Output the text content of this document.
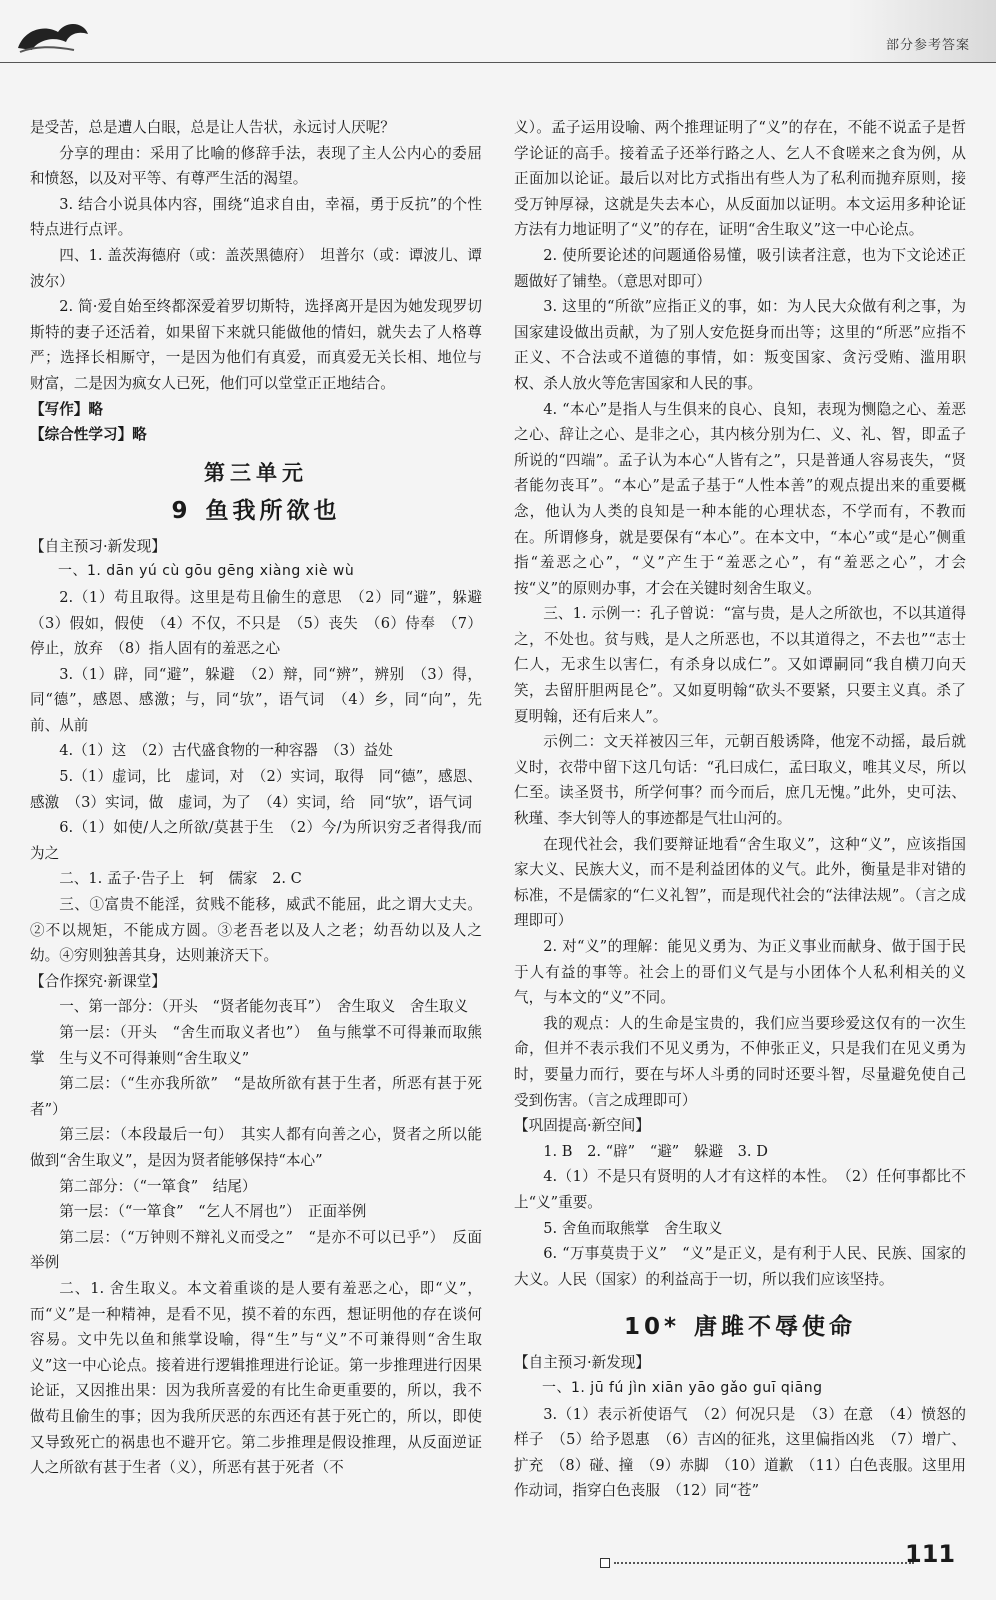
部分参考答案

是受苦，总是遭人白眼，总是让人告状，永远讨人厌呢？

分享的理由：采用了比喻的修辞手法，表现了主人公内心的委屈和愤怒，以及对平等、有尊严生活的渴望。

3. 结合小说具体内容，围绕“追求自由，幸福，勇于反抗”的个性特点进行点评。

四、1. 盖茨海德府（或：盖茨黑德府）　坦普尔（或：谭波儿、谭波尔）

2. 简·爱自始至终都深爱着罗切斯特，选择离开是因为她发现罗切斯特的妻子还活着，如果留下来就只能做他的情妇，就失去了人格尊严；选择长相厮守，一是因为他们有真爱，而真爱无关长相、地位与财富，二是因为疯女人已死，他们可以堂堂正正地结合。

【写作】略

【综合性学习】略

第三单元
9 鱼我所欲也

【自主预习·新发现】

一、1. dān yú cù gōu gēng xiàng xiè wù

2.（1）苟且取得。这里是苟且偷生的意思　（2）同“避”，躲避　（3）假如，假使　（4）不仅，不只是　（5）丧失　（6）侍奉　（7）停止，放弃　（8）指人固有的羞恶之心

3.（1）辟，同“避”，躲避　（2）辩，同“辨”，辨别　（3）得，同“德”，感恩、感激；与，同“欤”，语气词　（4）乡，同“向”，先前、从前

4.（1）这　（2）古代盛食物的一种容器　（3）益处

5.（1）虚词，比　虚词，对　（2）实词，取得　同“德”，感恩、感激　（3）实词，做　虚词，为了　（4）实词，给　同“欤”，语气词

6.（1）如使/人之所欲/莫甚于生　（2）今/为所识穷乏者得我/而为之

二、1. 孟子·告子上　轲　儒家　2. C

三、①富贵不能淫，贫贱不能移，威武不能屈，此之谓大丈夫。②不以规矩，不能成方圆。③老吾老以及人之老；幼吾幼以及人之幼。④穷则独善其身，达则兼济天下。

【合作探究·新课堂】

一、第一部分：（开头　“贤者能勿丧耳”）　舍生取义　舍生取义

第一层：（开头　“舍生而取义者也”）　鱼与熊掌不可得兼而取熊掌　生与义不可得兼则“舍生取义”

第二层：（“生亦我所欲”　“是故所欲有甚于生者，所恶有甚于死者”）

第三层：（本段最后一句）　其实人都有向善之心，贤者之所以能做到“舍生取义”，是因为贤者能够保持“本心”

第二部分：（“一箪食”　结尾）

第一层：（“一箪食”　“乞人不屑也”）　正面举例

第二层：（“万钟则不辩礼义而受之”　“是亦不可以已乎”）　反面举例

二、1. 舍生取义。本文着重谈的是人要有羞恶之心，即“义”，而“义”是一种精神，是看不见，摸不着的东西，想证明他的存在谈何容易。文中先以鱼和熊掌设喻，得“生”与“义”不可兼得则“舍生取义”这一中心论点。接着进行逻辑推理进行论证。第一步推理进行因果论证，又因推出果：因为我所喜爱的有比生命更重要的，所以，我不做苟且偷生的事；因为我所厌恶的东西还有甚于死亡的，所以，即使又导致死亡的祸患也不避开它。第二步推理是假设推理，从反面逆证人之所欲有甚于生者（义），所恶有甚于死者（不

义）。孟子运用设喻、两个推理证明了“义”的存在，不能不说孟子是哲学论证的高手。接着孟子还举行路之人、乞人不食嗟来之食为例，从正面加以论证。最后以对比方式指出有些人为了私利而抛弃原则，接受万钟厚禄，这就是失去本心，从反面加以证明。本文运用多种论证方法有力地证明了“义”的存在，证明“舍生取义”这一中心论点。

2. 使所要论述的问题通俗易懂，吸引读者注意，也为下文论述正题做好了铺垫。（意思对即可）

3. 这里的“所欲”应指正义的事，如：为人民大众做有利之事，为国家建设做出贡献，为了别人安危挺身而出等；这里的“所恶”应指不正义、不合法或不道德的事情，如：叛变国家、贪污受贿、滥用职权、杀人放火等危害国家和人民的事。

4. “本心”是指人与生俱来的良心、良知，表现为恻隐之心、羞恶之心、辞让之心、是非之心，其内核分别为仁、义、礼、智，即孟子所说的“四端”。孟子认为本心“人皆有之”，只是普通人容易丧失，“贤者能勿丧耳”。“本心”是孟子基于“人性本善”的观点提出来的重要概念，他认为人类的良知是一种本能的心理状态，不学而有，不教而在。所谓修身，就是要保有“本心”。在本文中，“本心”或“是心”侧重指“羞恶之心”，“义”产生于“羞恶之心”，有“羞恶之心”，才会按“义”的原则办事，才会在关键时刻舍生取义。

三、1. 示例一：孔子曾说：“富与贵，是人之所欲也，不以其道得之，不处也。贫与贱，是人之所恶也，不以其道得之，不去也”“志士仁人，无求生以害仁，有杀身以成仁”。又如谭嗣同“我自横刀向天笑，去留肝胆两昆仑”。又如夏明翰“砍头不要紧，只要主义真。杀了夏明翰，还有后来人”。

示例二：文天祥被囚三年，元朝百般诱降，他宠不动摇，最后就义时，衣带中留下这几句话：“孔曰成仁，孟曰取义，唯其义尽，所以仁至。读圣贤书，所学何事？而今而后，庶几无愧。”此外，史可法、秋瑾、李大钊等人的事迹都是气壮山河的。

在现代社会，我们要辩证地看“舍生取义”，这种“义”，应该指国家大义、民族大义，而不是利益团体的义气。此外，衡量是非对错的标准，不是儒家的“仁义礼智”，而是现代社会的“法律法规”。（言之成理即可）

2. 对“义”的理解：能见义勇为、为正义事业而献身、做于国于民于人有益的事等。社会上的哥们义气是与小团体个人私利相关的义气，与本文的“义”不同。

我的观点：人的生命是宝贵的，我们应当要珍爱这仅有的一次生命，但并不表示我们不见义勇为，不伸张正义，只是我们在见义勇为时，要量力而行，要在与坏人斗勇的同时还要斗智，尽量避免使自己受到伤害。（言之成理即可）

【巩固提高·新空间】

1. B　2. “辟”　“避”　躲避　3. D

4.（1）不是只有贤明的人才有这样的本性。　（2）任何事都比不上“义”重要。

5. 舍鱼而取熊掌　舍生取义

6. “万事莫贵于义”　“义”是正义，是有利于人民、民族、国家的大义。人民（国家）的利益高于一切，所以我们应该坚持。

10* 唐雎不辱使命

【自主预习·新发现】

一、1. jū fú jìn xiān yāo gǎo guī qiāng

3.（1）表示祈使语气　（2）何况只是　（3）在意　（4）愤怒的样子　（5）给予恩惠　（6）吉凶的征兆，这里偏指凶兆　（7）增广、扩充　（8）碰、撞　（9）赤脚　（10）道歉　（11）白色丧服。这里用作动词，指穿白色丧服　（12）同“苍”

111
